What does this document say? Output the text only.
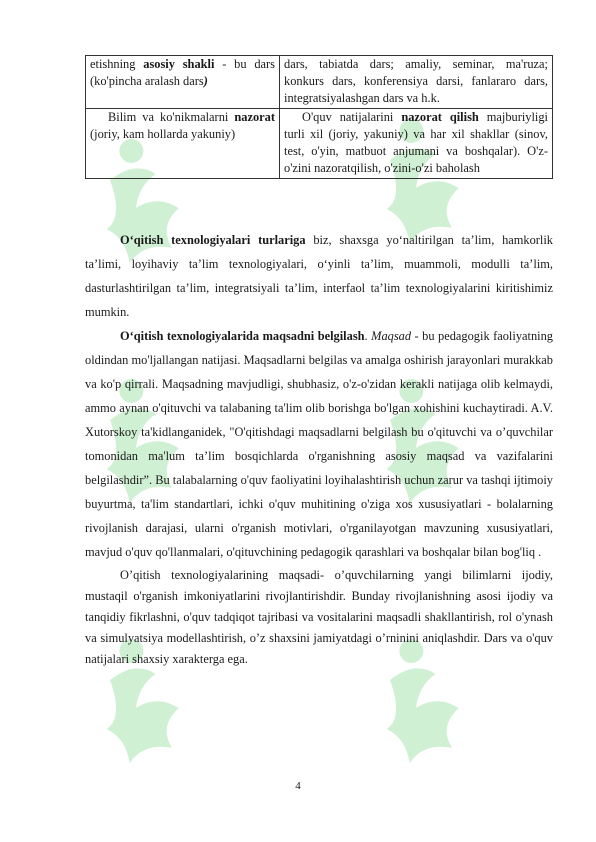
etishning asosiy shakli - bu dars (ko'pincha aralash dars)	dars, tabiatda dars; amaliy, seminar, ma'ruza; konkurs dars, konferensiya darsi, fanlararo dars, integratsiyalashgan dars va h.k.
Bilim va ko'nikmalarni nazorat (joriy, kam hollarda yakuniy)	O'quv natijalarini nazorat qilish majburiyligi turli xil (joriy, yakuniy) va har xil shakllar (sinov, test, o'yin, matbuot anjumani va boshqalar). O'z-o'zini nazoratqilish, o'zini-o'zi baholash

O‘qitish texnologiyalari turlariga biz, shaxsga yo‘naltirilgan ta’lim, hamkorlik ta’limi, loyihaviy ta’lim texnologiyalari, o‘yinli ta’lim, muammoli, modulli ta’lim, dasturlashtirilgan ta’lim, integratsiyali ta’lim, interfaol ta’lim texnologiyalarini kiritishimiz mumkin.

O‘qitish texnologiyalarida maqsadni belgilash. Maqsad - bu pedagogik faoliyatning oldindan mo'ljallangan natijasi. Maqsadlarni belgilas va amalga oshirish jarayonlari murakkab va ko'p qirrali. Maqsadning mavjudligi, shubhasiz, o'z-o'zidan kerakli natijaga olib kelmaydi, ammo aynan o'qituvchi va talabaning ta'lim olib borishga bo'lgan xohishini kuchaytiradi. A.V. Xutorskoy ta'kidlanganidek, "O'qitishdagi maqsadlarni belgilash bu o'qituvchi va o’quvchilar tomonidan ma'lum ta’lim bosqichlarda o'rganishning asosiy maqsad va vazifalarini belgilashdir”. Bu talabalarning o'quv faoliyatini loyihalashtirish uchun zarur va tashqi ijtimoiy buyurtma, ta'lim standartlari, ichki o'quv muhitining o'ziga xos xususiyatlari - bolalarning rivojlanish darajasi, ularni o'rganish motivlari, o'rganilayotgan mavzuning xususiyatlari, mavjud o'quv qo'llanmalari, o'qituvchining pedagogik qarashlari va boshqalar bilan bog'liq .

O’qitish texnologiyalarining maqsadi- o’quvchilarning yangi bilimlarni ijodiy, mustaqil o'rganish imkoniyatlarini rivojlantirishdir. Bunday rivojlanishning asosi ijodiy va tanqidiy fikrlashni, o'quv tadqiqot tajribasi va vositalarini maqsadli shakllantirish, rol o'ynash va simulyatsiya modellashtirish, o’z shaxsini jamiyatdagi o’rninini aniqlashdir. Dars va o'quv natijalari shaxsiy xarakterga ega.

4
